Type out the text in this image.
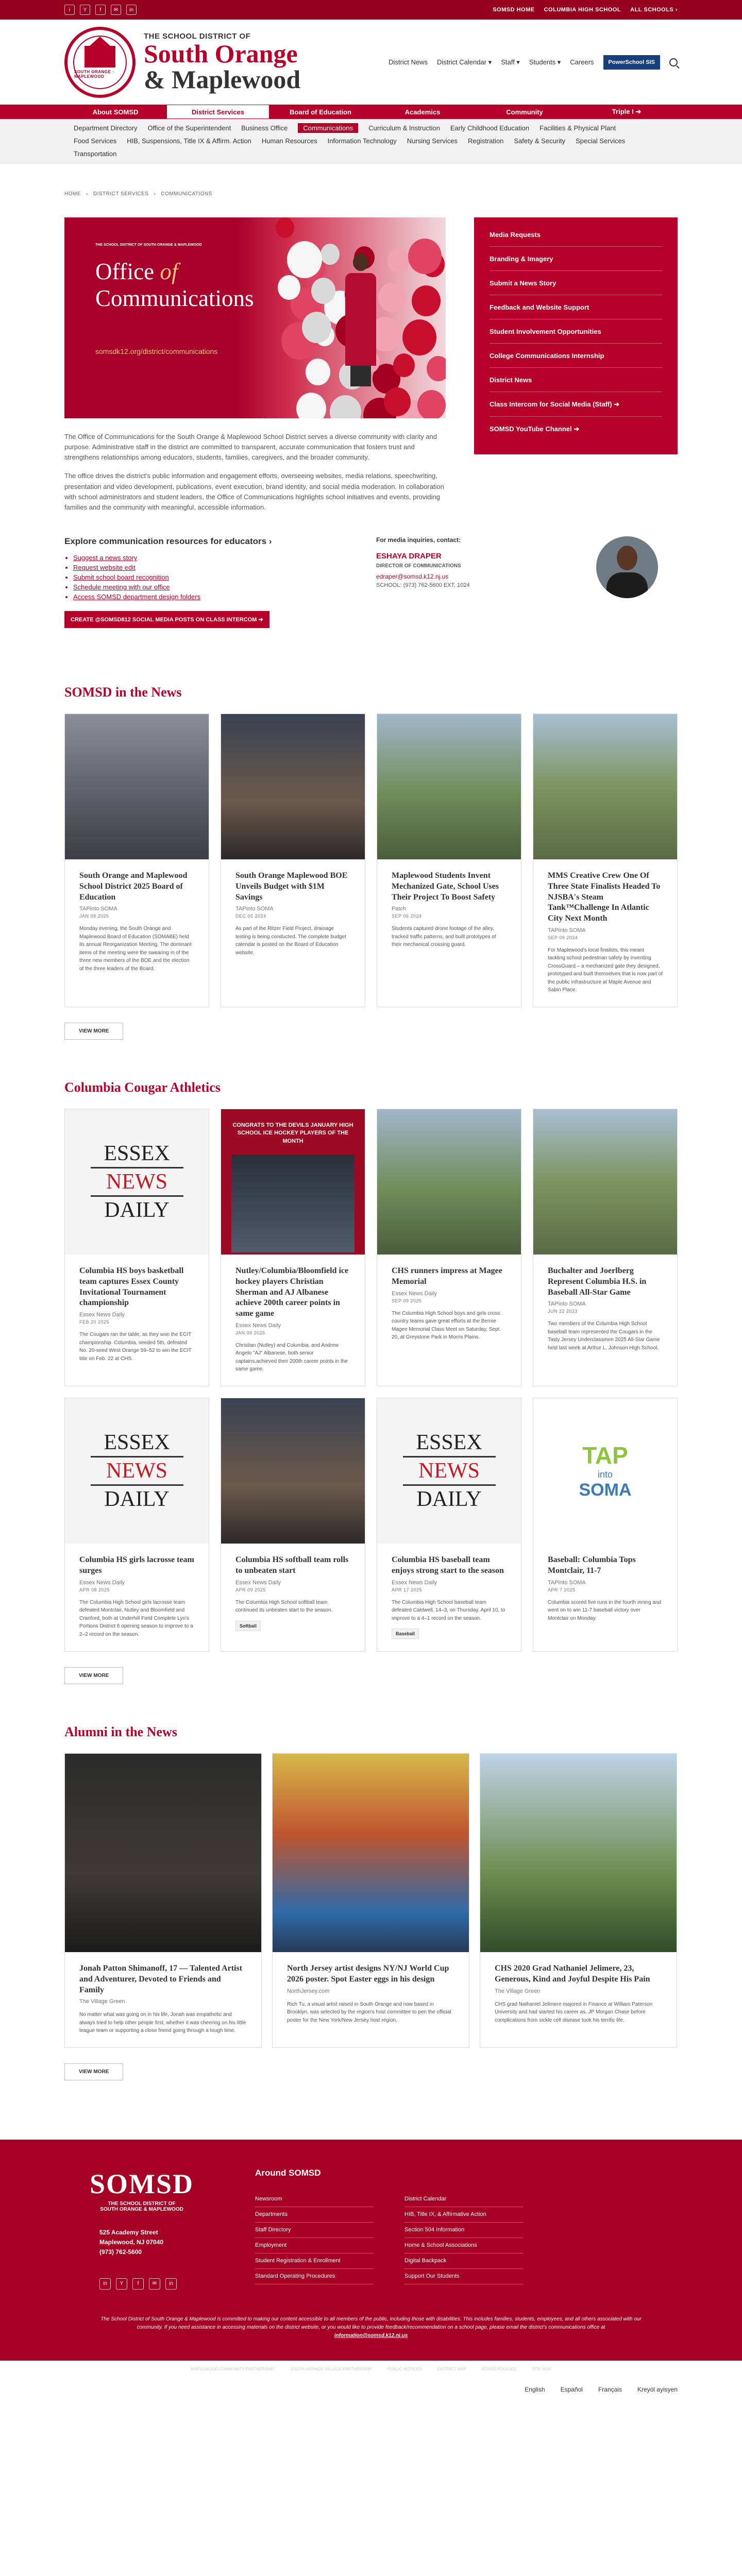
i	Y	f	✉	in	SOMSD HOME COLUMBIA HIGH SCHOOL ALL SCHOOLS ›
SOUTH ORANGE · MAPLEWOOD
THE SCHOOL DISTRICT OF
South Orange
& Maplewood
District News District Calendar ▾ Staff ▾ Students ▾ Careers	PowerSchool SIS
About SOMSD	District Services	Board of Education	Academics	Community	Triple I ➜
Department Directory Office of the Superintendent Business Office	Communications	Curriculum & Instruction Early Childhood Education Facilities & Physical Plant
Food Services HIB, Suspensions, Title IX & Affirm. Action Human Resources Information Technology Nursing Services Registration Safety & Security Special Services
Transportation
HOME › DISTRICT SERVICES › COMMUNICATIONS
THE SCHOOL DISTRICT OF SOUTH ORANGE & MAPLEWOOD
Office of
Communications
somsdk12.org/district/communications

The Office of Communications for the South Orange & Maplewood School District serves a diverse community with clarity and purpose. Administrative staff in the district are committed to transparent, accurate communication that fosters trust and strengthens relationships among educators, students, families, caregivers, and the broader community.

The office drives the district's public information and engagement efforts, overseeing websites, media relations, speechwriting, presentation and video development, publications, event execution, brand identity, and social media moderation. In collaboration with school administrators and student leaders, the Office of Communications highlights school initiatives and events, providing families and the community with meaningful, accessible information.

Media Requests
Branding & Imagery
Submit a News Story
Feedback and Website Support
Student Involvement Opportunities
College Communications Internship
District News
Class Intercom for Social Media (Staff) ➜
SOMSD YouTube Channel ➜
Explore communication resources for educators ›
• Suggest a news story
• Request website edit
• Submit school board recognition
• Schedule meeting with our office
• Access SOMSD department design folders
CREATE @SOMSD812 SOCIAL MEDIA POSTS ON CLASS INTERCOM ➜
For media inquiries, contact:
ESHAYA DRAPER
DIRECTOR OF COMMUNICATIONS
edraper@somsd.k12.nj.us
SCHOOL: (973) 762-5600 EXT. 1024
SOMSD in the News
South Orange and Maplewood School District 2025 Board of Education
TAPinto SOMA
JAN 08 2025
Monday evening, the South Orange and Maplewood Board of Education (SOMABE) held its annual Reorganization Meeting. The dominant items of the meeting were the swearing in of the three new members of the BOE and the election of the three leaders of the Board.
South Orange Maplewood BOE Unveils Budget with $1M Savings
TAPinto SOMA
DEC 05 2024
As part of the Ritzer Field Project, drainage testing is being conducted. The complete budget calendar is posted on the Board of Education website.
Maplewood Students Invent Mechanized Gate, School Uses Their Project To Boost Safety
Patch
SEP 06 2024
Students captured drone footage of the alley, tracked traffic patterns, and built prototypes of their mechanical crossing guard.
MMS Creative Crew One Of Three State Finalists Headed To NJSBA's Steam Tank™Challenge In Atlantic City Next Month
TAPinto SOMA
SEP 09 2024
For Maplewood's local finalists, this meant tackling school pedestrian safety by inventing CrossGuard – a mechanized gate they designed, prototyped and built themselves that is now part of the public infrastructure at Maple Avenue and Sabin Place.
VIEW MORE
Columbia Cougar Athletics
ESSEX
NEWS
DAILY
Columbia HS boys basketball team captures Essex County Invitational Tournament championship
Essex News Daily
FEB 20 2025
The Cougars ran the table, as they won the ECIT championship. Columbia, seeded 5th, defeated No. 20-seed West Orange 59–52 to win the ECIT title on Feb. 22 at CHS.
CONGRATS TO THE DEVILS JANUARY HIGH SCHOOL ICE HOCKEY PLAYERS OF THE MONTH
Nutley/Columbia/Bloomfield ice hockey players Christian Sherman and AJ Albanese achieve 200th career points in same game
Essex News Daily
JAN 09 2025
Christian (Nutley) and Columbia, and Andrew Angelo "AJ" Albanese, both senior captains,achieved their 200th career points in the same game.
CHS runners impress at Magee Memorial
Essex News Daily
SEP 09 2025
The Columbia High School boys and girls cross country teams gave great efforts at the Bernie Magee Memorial Class Meet on Saturday, Sept. 20, at Greystone Park in Morris Plains.
Buchalter and Joerlberg Represent Columbia H.S. in Baseball All-Star Game
TAPinto SOMA
JUN 22 2023
Two members of the Columbia High School baseball team represented the Cougars in the Tasty Jersey Underclassmen 2025 All-Star Game held last week at Arthur L. Johnson High School.
ESSEX
NEWS
DAILY
Columbia HS girls lacrosse team surges
Essex News Daily
APR 08 2025
The Columbia High School girls lacrosse team defeated Montclair, Nutley and Bloomfield and Cranford, both at Underhill Field Complete Lyn's Portions District 6 opening season to improve to a 2–2 record on the season.
Columbia HS softball team rolls to unbeaten start
Essex News Daily
APR 09 2025
The Columbia High School softball team continued its unbeaten start to the season.
Softball
ESSEX
NEWS
DAILY
Columbia HS baseball team enjoys strong start to the season
Essex News Daily
APR 17 2025
The Columbia High School baseball team defeated Caldwell, 14–3, on Thursday, April 10, to improve to a 4–1 record on the season.
Baseball
TAP
into
SOMA
Baseball: Columbia Tops Montclair, 11-7
TAPinto SOMA
APR 7 2025
Columbia scored five runs in the fourth inning and went on to win 11-7 baseball victory over Montclair on Monday.
VIEW MORE
Alumni in the News
Jonah Patton Shimanoff, 17 — Talented Artist and Adventurer, Devoted to Friends and Family
The Village Green
No matter what was going on in his life, Jonah was empathetic and always tried to help other people first, whether it was cheering on his little league team or supporting a close friend going through a tough time.
North Jersey artist designs NY/NJ World Cup 2026 poster. Spot Easter eggs in his design
NorthJersey.com
Rich Tu, a visual artist raised in South Orange and now based in Brooklyn, was selected by the region's host committee to pen the official poster for the New York/New Jersey host region.
CHS 2020 Grad Nathaniel Jelimere, 23, Generous, Kind and Joyful Despite His Pain
The Village Green
CHS grad Nathaniel Jelimere majored in Finance at William Paterson University and had started his career as. JP Morgan Chase before complications from sickle cell disease took his terrific life.
VIEW MORE
SOMSD
THE SCHOOL DISTRICT OF
SOUTH ORANGE & MAPLEWOOD
525 Academy Street
Maplewood, NJ 07040
(973) 762-5600
in	Y	f	✉	in
Around SOMSD
Newsroom
Departments
Staff Directory
Employment
Student Registration & Enrollment
Standard Operating Procedures
District Calendar
HIB, Title IX, & Affirmative Action
Section 504 Information
Home & School Associations
Digital Backpack
Support Our Students
The School District of South Orange & Maplewood is committed to making our content accessible to all members of the public, including those with disabilities. This includes families, students, employees, and all others associated with our community. If you need assistance in accessing materials on the district website, or you would like to provide feedback/recommendation on a school page, please email the district's communications office at information@somsd.k12.nj.us
MAPLEWOOD COMMUNITY PARTNERSHIP	SOUTH ORANGE VILLAGE PARTNERSHIP	PUBLIC NOTICES	DISTRICT MAP	BOARD POLICIES	SITE MAP
English	Español	Français	Kreyòl ayisyen
